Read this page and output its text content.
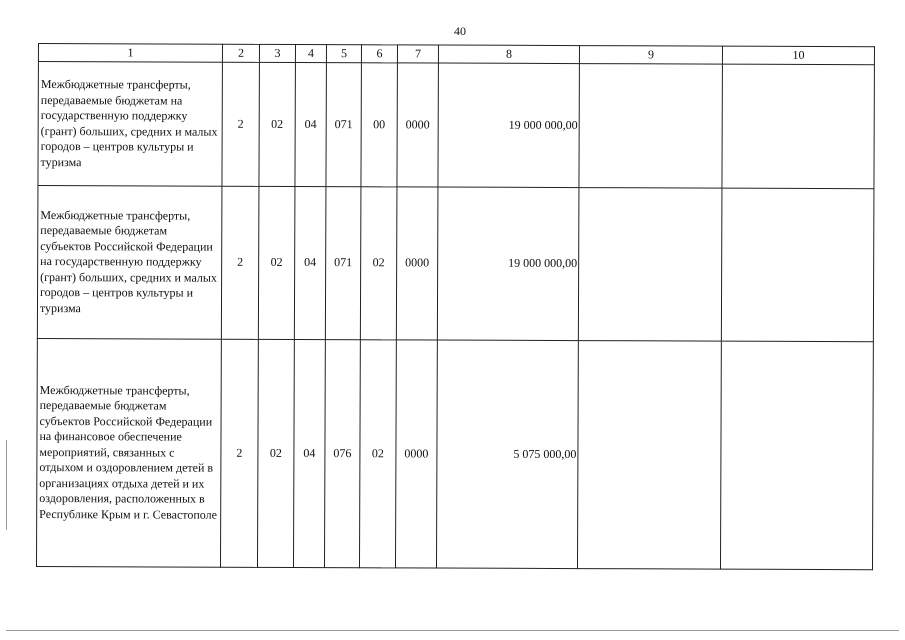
40
1	2	3	4	5	6	7	8	9	10
Межбюджетные трансферты, передаваемые бюджетам на государственную поддержку (грант) больших, средних и малых городов – центров культуры и туризма	2	02	04	071	00	0000	19 000 000,00		
Межбюджетные трансферты, передаваемые бюджетам субъектов Российской Федерации на государственную поддержку (грант) больших, средних и малых городов – центров культуры и туризма	2	02	04	071	02	0000	19 000 000,00		
Межбюджетные трансферты, передаваемые бюджетам субъектов Российской Федерации на финансовое обеспечение мероприятий, связанных с отдыхом и оздоровлением детей в организациях отдыха детей и их оздоровления, расположенных в Республике Крым и г. Севастополе	2	02	04	076	02	0000	5 075 000,00		
